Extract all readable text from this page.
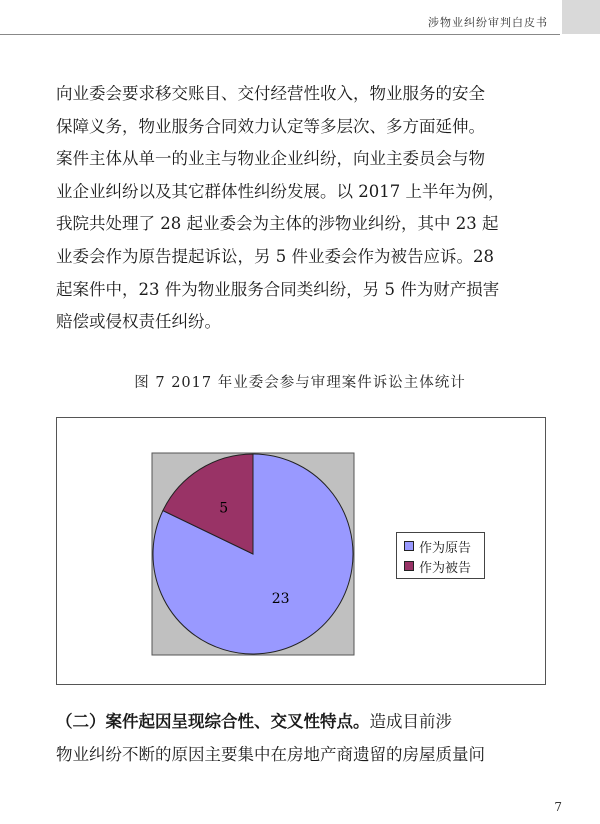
涉物业纠纷审判白皮书

向业委会要求移交账目、交付经营性收入，物业服务的安全

保障义务，物业服务合同效力认定等多层次、多方面延伸。

案件主体从单一的业主与物业企业纠纷，向业主委员会与物

业企业纠纷以及其它群体性纠纷发展。以 2017 上半年为例，

我院共处理了 28 起业委会为主体的涉物业纠纷，其中 23 起

业委会作为原告提起诉讼，另 5 件业委会作为被告应诉。28

起案件中，23 件为物业服务合同类纠纷，另 5 件为财产损害

赔偿或侵权责任纠纷。

图 7 2017 年业委会参与审理案件诉讼主体统计
23
5
作为原告
作为被告

（二）案件起因呈现综合性、交叉性特点。造成目前涉

物业纠纷不断的原因主要集中在房地产商遗留的房屋质量问

7
